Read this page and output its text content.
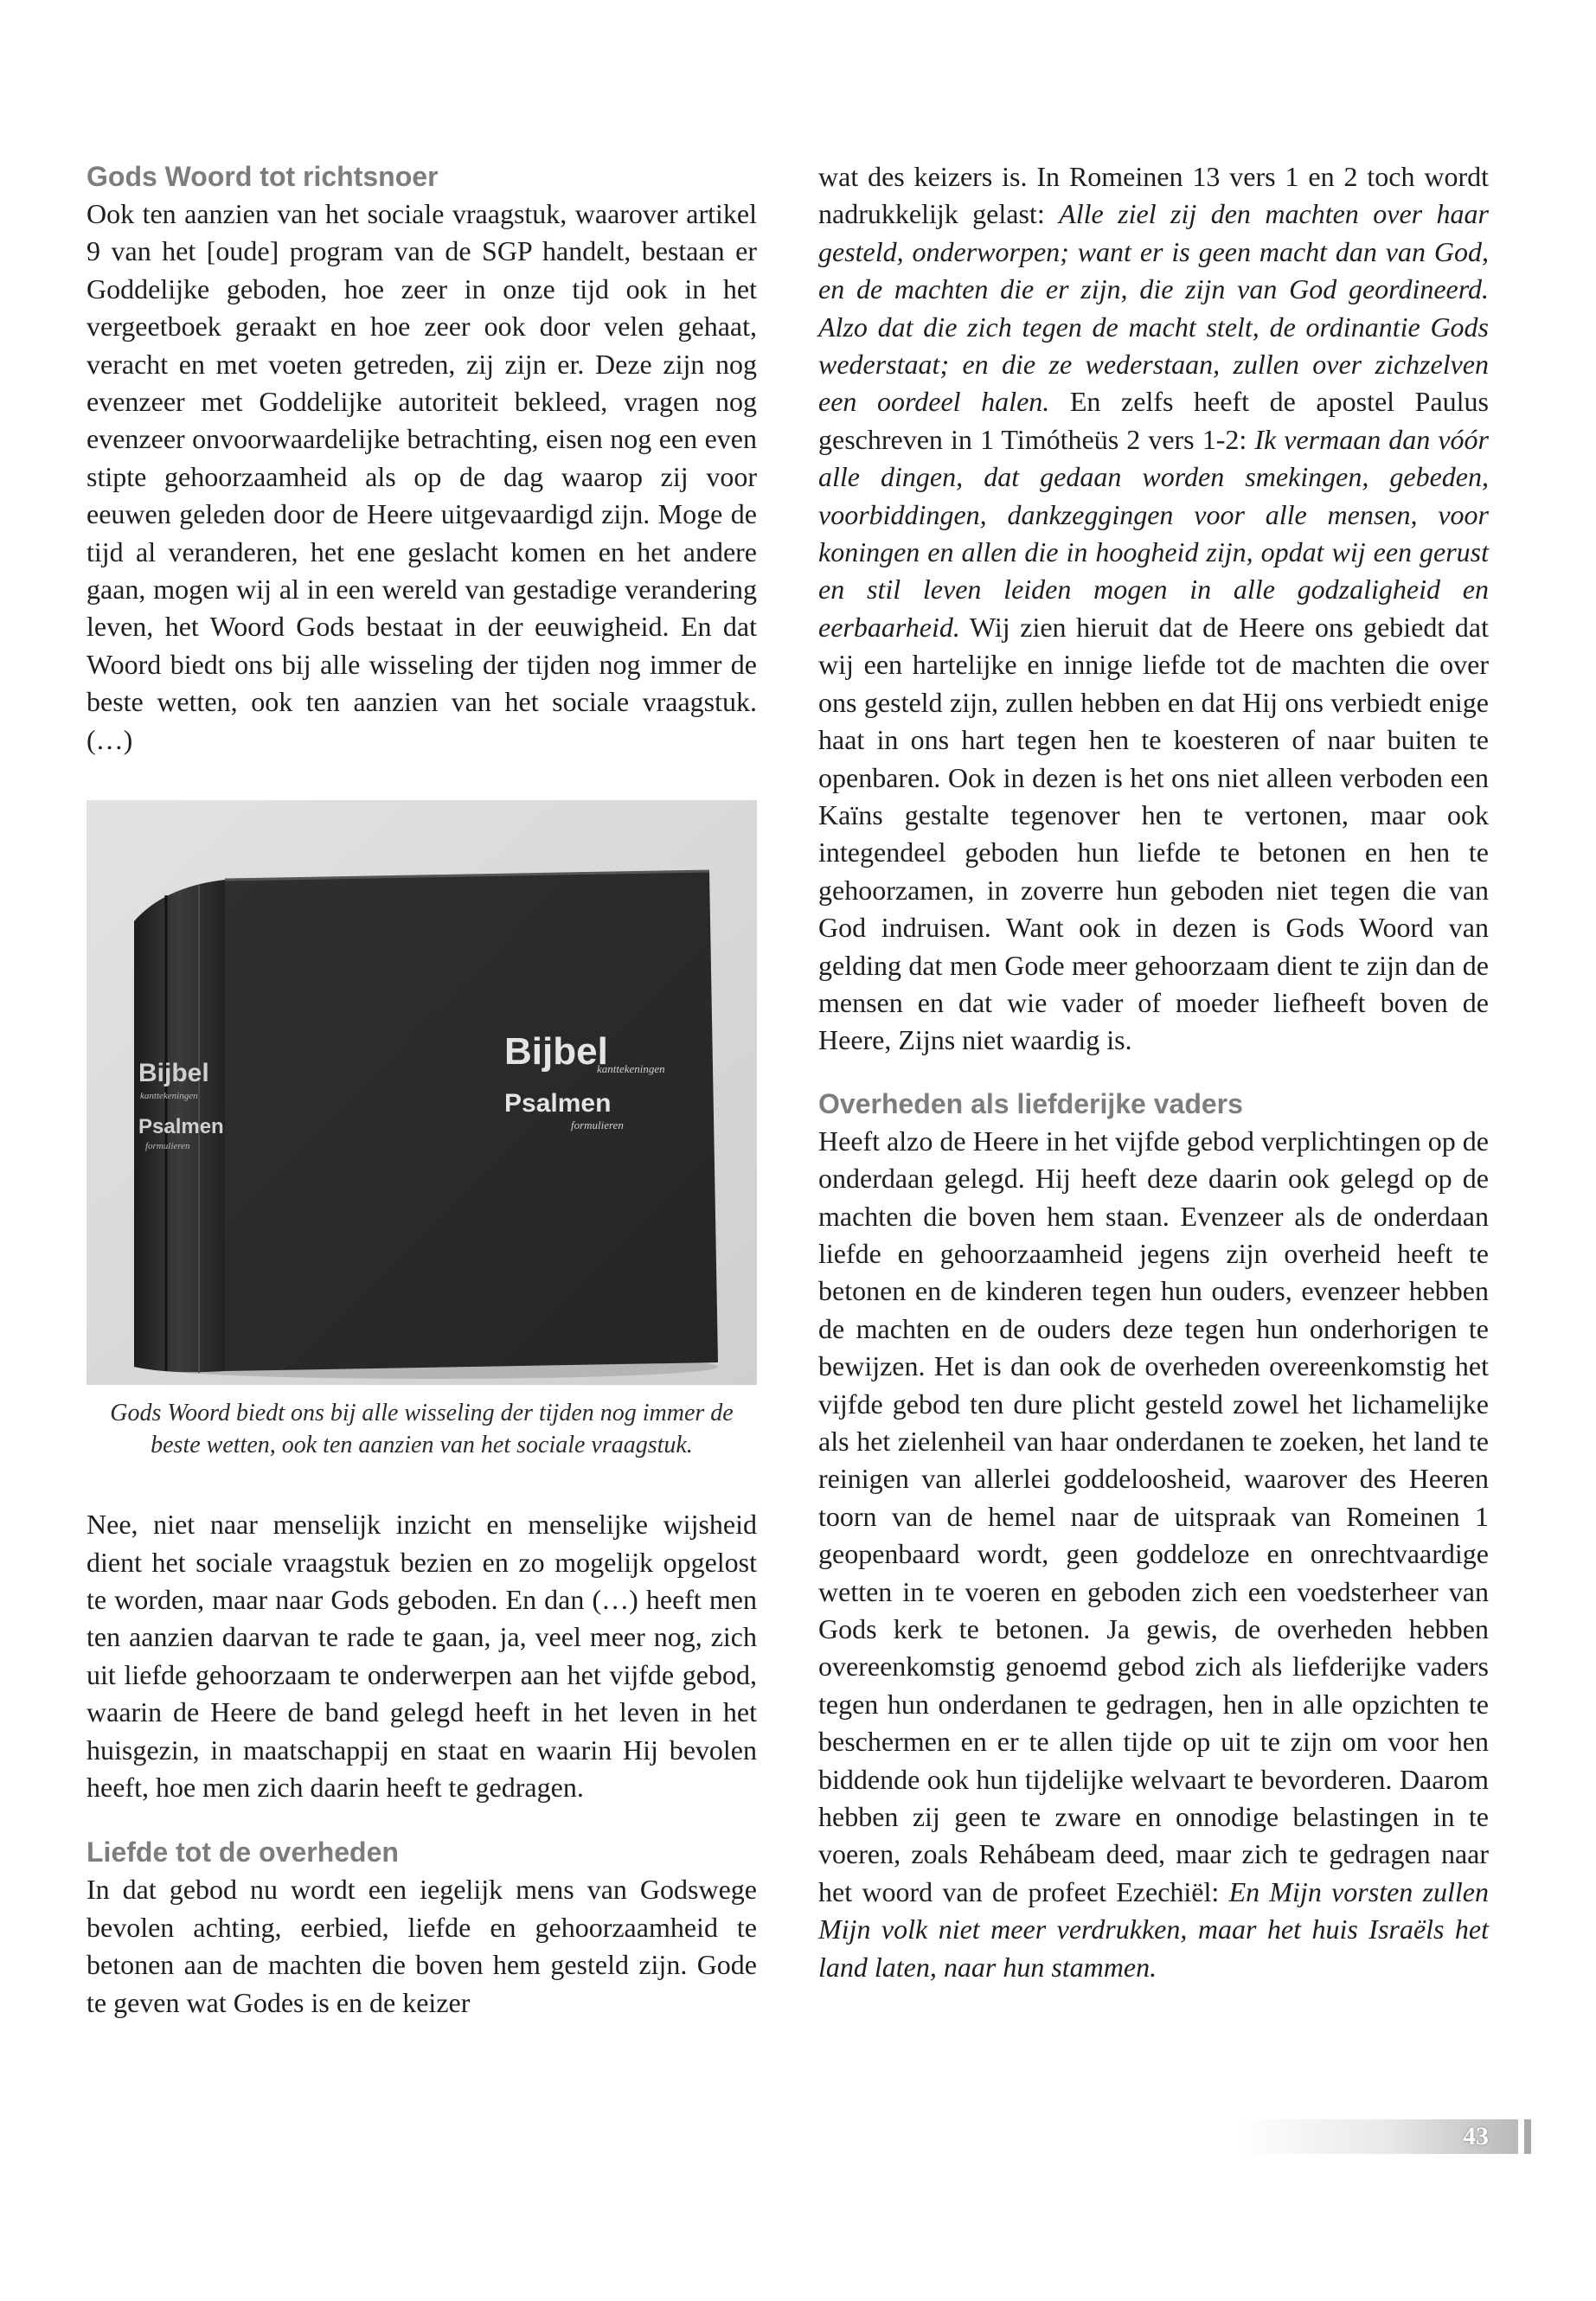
Gods Woord tot richtsnoer

Ook ten aanzien van het sociale vraagstuk, waarover artikel 9 van het [oude] program van de SGP handelt, bestaan er Goddelijke geboden, hoe zeer in onze tijd ook in het vergeetboek geraakt en hoe zeer ook door velen gehaat, veracht en met voeten getreden, zij zijn er. Deze zijn nog evenzeer met Goddelijke autoriteit bekleed, vragen nog evenzeer onvoorwaardelijke betrachting, eisen nog een even stipte gehoorzaamheid als op de dag waarop zij voor eeuwen geleden door de Heere uitgevaardigd zijn. Moge de tijd al veranderen, het ene geslacht komen en het andere gaan, mogen wij al in een wereld van gestadige verandering leven, het Woord Gods bestaat in der eeuwigheid. En dat Woord biedt ons bij alle wisseling der tijden nog immer de beste wetten, ook ten aanzien van het sociale vraagstuk. (…)

Bijbel
kanttekeningen
Psalmen
formulieren
Bijbel
kanttekeningen
Psalmen
formulieren

Gods Woord biedt ons bij alle wisseling der tijden nog immer de beste wetten, ook ten aanzien van het sociale vraagstuk.

Nee, niet naar menselijk inzicht en menselijke wijsheid dient het sociale vraagstuk bezien en zo mogelijk opgelost te worden, maar naar Gods geboden. En dan (…) heeft men ten aanzien daarvan te rade te gaan, ja, veel meer nog, zich uit liefde gehoorzaam te onderwerpen aan het vijfde gebod, waarin de Heere de band gelegd heeft in het leven in het huisgezin, in maatschappij en staat en waarin Hij bevolen heeft, hoe men zich daarin heeft te gedragen.

Liefde tot de overheden

In dat gebod nu wordt een iegelijk mens van Godswege bevolen achting, eerbied, liefde en gehoorzaamheid te betonen aan de machten die boven hem gesteld zijn. Gode te geven wat Godes is en de keizer

wat des keizers is. In Romeinen 13 vers 1 en 2 toch wordt nadrukkelijk gelast: Alle ziel zij den machten over haar gesteld, onderworpen; want er is geen macht dan van God, en de machten die er zijn, die zijn van God geordineerd. Alzo dat die zich tegen de macht stelt, de ordinantie Gods wederstaat; en die ze wederstaan, zullen over zichzelven een oordeel halen. En zelfs heeft de apostel Paulus geschreven in 1 Timótheüs 2 vers 1-2: Ik vermaan dan vóór alle dingen, dat gedaan worden smekingen, gebeden, voorbiddingen, dankzeggingen voor alle mensen, voor koningen en allen die in hoogheid zijn, opdat wij een gerust en stil leven leiden mogen in alle godzaligheid en eerbaarheid. Wij zien hieruit dat de Heere ons gebiedt dat wij een hartelijke en innige liefde tot de machten die over ons gesteld zijn, zullen hebben en dat Hij ons verbiedt enige haat in ons hart tegen hen te koesteren of naar buiten te openbaren. Ook in dezen is het ons niet alleen verboden een Kaïns gestalte tegenover hen te vertonen, maar ook integendeel geboden hun liefde te betonen en hen te gehoorzamen, in zoverre hun geboden niet tegen die van God indruisen. Want ook in dezen is Gods Woord van gelding dat men Gode meer gehoorzaam dient te zijn dan de mensen en dat wie vader of moeder liefheeft boven de Heere, Zijns niet waardig is.

Overheden als liefderijke vaders

Heeft alzo de Heere in het vijfde gebod verplichtingen op de onderdaan gelegd. Hij heeft deze daarin ook gelegd op de machten die boven hem staan. Evenzeer als de onderdaan liefde en gehoorzaamheid jegens zijn overheid heeft te betonen en de kinderen tegen hun ouders, evenzeer hebben de machten en de ouders deze tegen hun onderhorigen te bewijzen. Het is dan ook de overheden overeenkomstig het vijfde gebod ten dure plicht gesteld zowel het lichamelijke als het zielenheil van haar onderdanen te zoeken, het land te reinigen van allerlei goddeloosheid, waarover des Heeren toorn van de hemel naar de uitspraak van Romeinen 1 geopenbaard wordt, geen goddeloze en onrechtvaardige wetten in te voeren en geboden zich een voedsterheer van Gods kerk te betonen. Ja gewis, de overheden hebben overeenkomstig genoemd gebod zich als liefderijke vaders tegen hun onderdanen te gedragen, hen in alle opzichten te beschermen en er te allen tijde op uit te zijn om voor hen biddende ook hun tijdelijke welvaart te bevorderen. Daarom hebben zij geen te zware en onnodige belastingen in te voeren, zoals Rehábeam deed, maar zich te gedragen naar het woord van de profeet Ezechiël: En Mijn vorsten zullen Mijn volk niet meer verdrukken, maar het huis Israëls het land laten, naar hun stammen.

43
